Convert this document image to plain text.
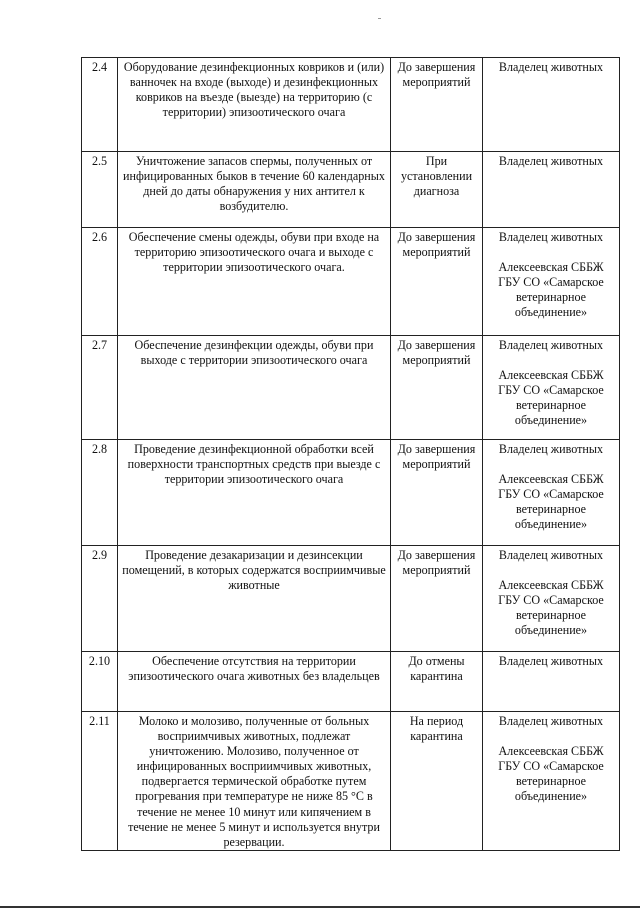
2.4	Оборудование дезинфекционных ковриков и (или) ванночек на входе (выходе) и дезинфекционных ковриков на въезде (выезде) на территорию (с территории) эпизоотического очага	До завершения мероприятий	Владелец животных

2.5	Уничтожение запасов спермы, полученных от инфицированных быков в течение 60 календарных дней до даты обнаружения у них антител к возбудителю.	При установлении диагноза	Владелец животных

2.6	Обеспечение смены одежды, обуви при входе на территорию эпизоотического очага и выходе с территории эпизоотического очага.	До завершения мероприятий	Владелец животных
Алексеевская СББЖ ГБУ СО «Самарское ветеринарное объединение»

2.7	Обеспечение дезинфекции одежды, обуви при выходе с территории эпизоотического очага	До завершения мероприятий	Владелец животных
Алексеевская СББЖ ГБУ СО «Самарское ветеринарное объединение»

2.8	Проведение дезинфекционной обработки всей поверхности транспортных средств при выезде с территории эпизоотического очага	До завершения мероприятий	Владелец животных
Алексеевская СББЖ ГБУ СО «Самарское ветеринарное объединение»

2.9	Проведение дезакаризации и дезинсекции помещений, в которых содержатся восприимчивые животные	До завершения мероприятий	Владелец животных
Алексеевская СББЖ ГБУ СО «Самарское ветеринарное объединение»

2.10	Обеспечение отсутствия на территории эпизоотического очага животных без владельцев	До отмены карантина	Владелец животных

2.11	Молоко и молозиво, полученные от больных восприимчивых животных, подлежат уничтожению. Молозиво, полученное от инфицированных восприимчивых животных, подвергается термической обработке путем прогревания при температуре не ниже 85 °С в течение не менее 10 минут или кипячением в течение не менее 5 минут и используется внутри резервации.	На период карантина	Владелец животных
Алексеевская СББЖ ГБУ СО «Самарское ветеринарное объединение»
